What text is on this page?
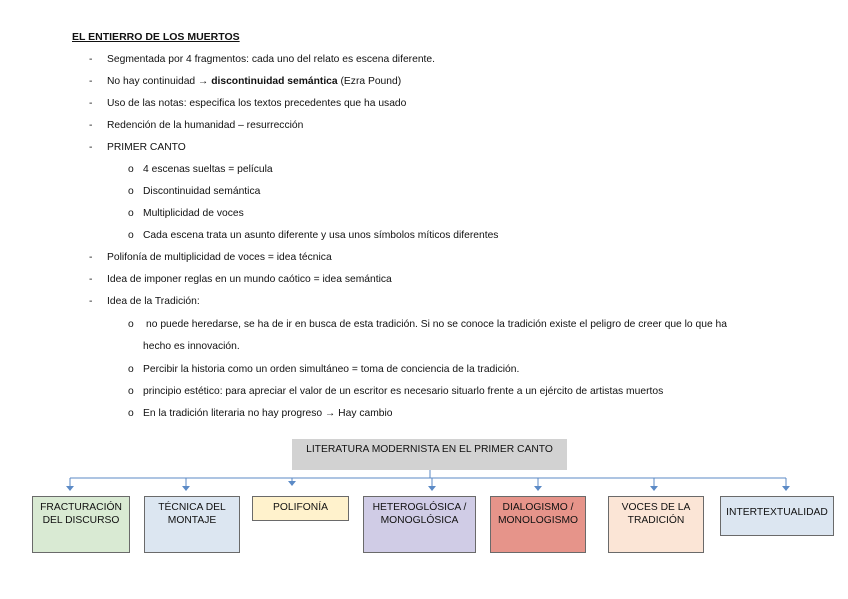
EL ENTIERRO DE LOS MUERTOS
- Segmentada por 4 fragmentos: cada uno del relato es escena diferente.
- No hay continuidad → discontinuidad semántica (Ezra Pound)
- Uso de las notas: especifica los textos precedentes que ha usado
- Redención de la humanidad – resurrección
- PRIMER CANTO
o 4 escenas sueltas = película
o Discontinuidad semántica
o Multiplicidad de voces
o Cada escena trata un asunto diferente y usa unos símbolos míticos diferentes
- Polifonía de multiplicidad de voces = idea técnica
- Idea de imponer reglas en un mundo caótico = idea semántica
- Idea de la Tradición:
o no puede heredarse, se ha de ir en busca de esta tradición. Si no se conoce la tradición existe el peligro de creer que lo que ha
hecho es innovación.
o Percibir la historia como un orden simultáneo = toma de conciencia de la tradición.
o principio estético: para apreciar el valor de un escritor es necesario situarlo frente a un ejército de artistas muertos
o En la tradición literaria no hay progreso → Hay cambio
LITERATURA MODERNISTA EN EL PRIMER CANTO
FRACTURACIÓN
DEL DISCURSO
TÉCNICA DEL
MONTAJE
POLIFONÍA	HETEROGLÓSICA /
MONOGLÓSICA
DIALOGISMO /
MONOLOGISMO
VOCES DE LA
TRADICIÓN
INTERTEXTUALIDAD
